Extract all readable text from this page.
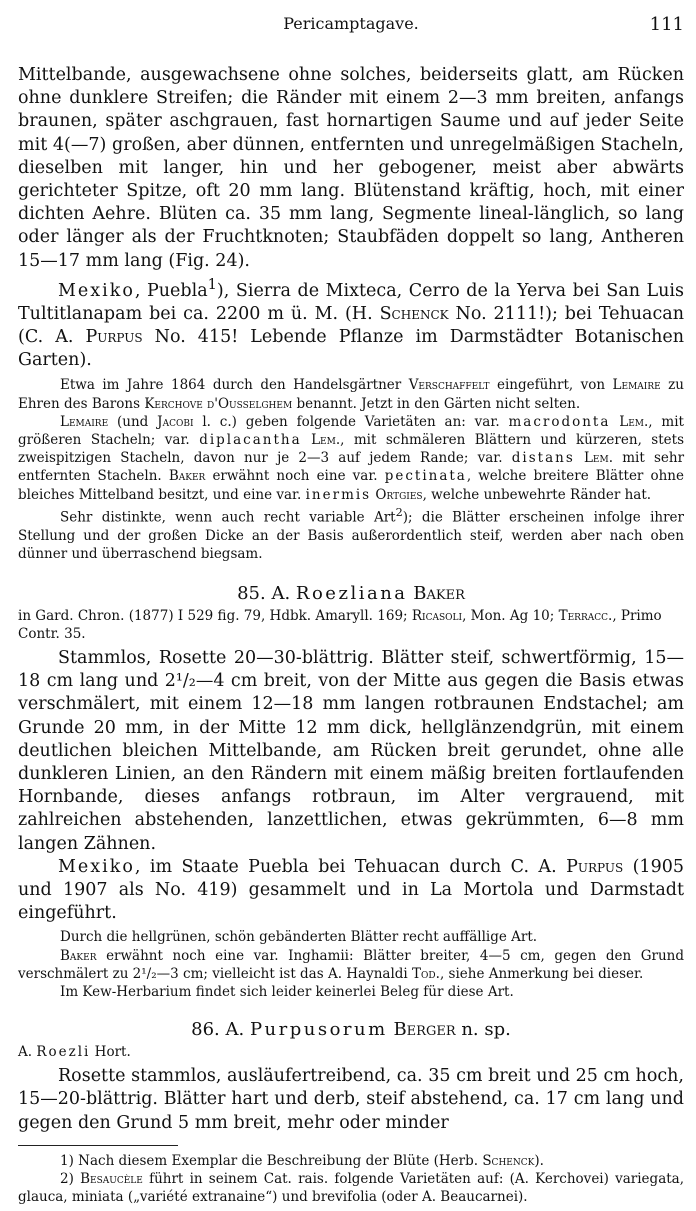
Pericamptagave.	111

Mittelbande, ausgewachsene ohne solches, beiderseits glatt, am Rücken ohne dunklere Streifen; die Ränder mit einem 2—3 mm breiten, anfangs braunen, später aschgrauen, fast hornartigen Saume und auf jeder Seite mit 4(—7) großen, aber dünnen, entfernten und unregelmäßigen Stacheln, dieselben mit langer, hin und her gebogener, meist aber abwärts gerichteter Spitze, oft 20 mm lang. Blütenstand kräftig, hoch, mit einer dichten Aehre. Blüten ca. 35 mm lang, Segmente lineal-länglich, so lang oder länger als der Fruchtknoten; Staubfäden doppelt so lang, Antheren 15—17 mm lang (Fig. 24).

Mexiko, Puebla$^1$), Sierra de Mixteca, Cerro de la Yerva bei San Luis Tultitlanapam bei ca. 2200 m ü. M. (H. Schenck No. 2111!); bei Tehuacan (C. A. Purpus No. 415! Lebende Pflanze im Darmstädter Botanischen Garten).

Etwa im Jahre 1864 durch den Handelsgärtner Verschaffelt eingeführt, von Lemaire zu Ehren des Barons Kerchove d'Ousselghem benannt. Jetzt in den Gärten nicht selten.

Lemaire (und Jacobi l. c.) geben folgende Varietäten an: var. macrodonta Lem., mit größeren Stacheln; var. diplacantha Lem., mit schmäleren Blättern und kürzeren, stets zweispitzigen Stacheln, davon nur je 2—3 auf jedem Rande; var. distans Lem. mit sehr entfernten Stacheln. Baker erwähnt noch eine var. pectinata, welche breitere Blätter ohne bleiches Mittelband besitzt, und eine var. inermis Ortgies, welche unbewehrte Ränder hat.

Sehr distinkte, wenn auch recht variable Art$^2$); die Blätter erscheinen infolge ihrer Stellung und der großen Dicke an der Basis außerordentlich steif, werden aber nach oben dünner und überraschend biegsam.

85. A. Roezliana Baker

in Gard. Chron. (1877) I 529 fig. 79, Hdbk. Amaryll. 169; Ricasoli, Mon. Ag 10; Terracc., Primo Contr. 35.

Stammlos, Rosette 20—30-blättrig. Blätter steif, schwertförmig, 15—18 cm lang und 2¹/₂—4 cm breit, von der Mitte aus gegen die Basis etwas verschmälert, mit einem 12—18 mm langen rotbraunen Endstachel; am Grunde 20 mm, in der Mitte 12 mm dick, hellglänzendgrün, mit einem deutlichen bleichen Mittelbande, am Rücken breit gerundet, ohne alle dunkleren Linien, an den Rändern mit einem mäßig breiten fortlaufenden Hornbande, dieses anfangs rotbraun, im Alter vergrauend, mit zahlreichen abstehenden, lanzettlichen, etwas gekrümmten, 6—8 mm langen Zähnen.

Mexiko, im Staate Puebla bei Tehuacan durch C. A. Purpus (1905 und 1907 als No. 419) gesammelt und in La Mortola und Darmstadt eingeführt.

Durch die hellgrünen, schön gebänderten Blätter recht auffällige Art.

Baker erwähnt noch eine var. Inghamii: Blätter breiter, 4—5 cm, gegen den Grund verschmälert zu 2¹/₂—3 cm; vielleicht ist das A. Haynaldi Tod., siehe Anmerkung bei dieser.

Im Kew-Herbarium findet sich leider keinerlei Beleg für diese Art.

86. A. Purpusorum Berger n. sp.

A. Roezli Hort.

Rosette stammlos, ausläufertreibend, ca. 35 cm breit und 25 cm hoch, 15—20-blättrig. Blätter hart und derb, steif abstehend, ca. 17 cm lang und gegen den Grund 5 mm breit, mehr oder minder

1) Nach diesem Exemplar die Beschreibung der Blüte (Herb. Schenck).

2) Besaucèle führt in seinem Cat. rais. folgende Varietäten auf: (A. Kerchovei) variegata, glauca, miniata („variété extranaine“) und brevifolia (oder A. Beaucarnei).
